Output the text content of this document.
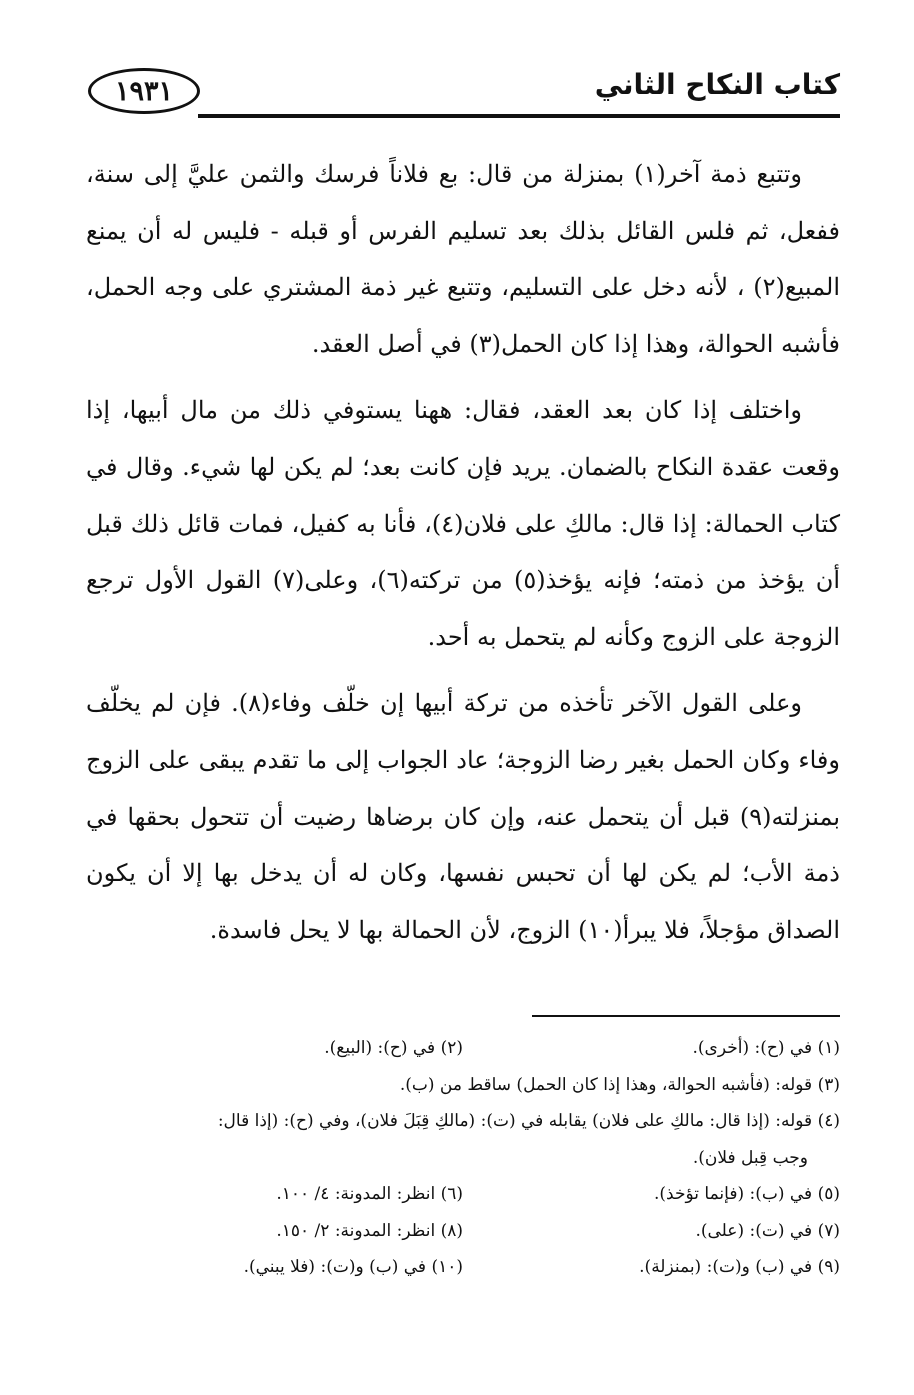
١٩٣١	كتاب النكاح الثاني

وتتبع ذمة آخر(١) بمنزلة من قال: بع فلاناً فرسك والثمن عليَّ إلى سنة، ففعل، ثم فلس القائل بذلك بعد تسليم الفرس أو قبله - فليس له أن يمنع المبيع(٢) ، لأنه دخل على التسليم، وتتبع غير ذمة المشتري على وجه الحمل، فأشبه الحوالة، وهذا إذا كان الحمل(٣) في أصل العقد.

واختلف إذا كان بعد العقد، فقال: ههنا يستوفي ذلك من مال أبيها، إذا وقعت عقدة النكاح بالضمان. يريد فإن كانت بعد؛ لم يكن لها شيء. وقال في كتاب الحمالة: إذا قال: مالكِ على فلان(٤)، فأنا به كفيل، فمات قائل ذلك قبل أن يؤخذ من ذمته؛ فإنه يؤخذ(٥) من تركته(٦)، وعلى(٧) القول الأول ترجع الزوجة على الزوج وكأنه لم يتحمل به أحد.

وعلى القول الآخر تأخذه من تركة أبيها إن خلّف وفاء(٨). فإن لم يخلّف وفاء وكان الحمل بغير رضا الزوجة؛ عاد الجواب إلى ما تقدم يبقى على الزوج بمنزلته(٩) قبل أن يتحمل عنه، وإن كان برضاها رضيت أن تتحول بحقها في ذمة الأب؛ لم يكن لها أن تحبس نفسها، وكان له أن يدخل بها إلا أن يكون الصداق مؤجلاً، فلا يبرأ(١٠) الزوج، لأن الحمالة بها لا يحل فاسدة.

(١) في (ح): (أخرى).
(٢) في (ح): (البيع).
(٣) قوله: (فأشبه الحوالة، وهذا إذا كان الحمل) ساقط من (ب).
(٤) قوله: (إذا قال: مالكِ على فلان) يقابله في (ت): (مالكِ قِبَلَ فلان)، وفي (ح): (إذا قال:
وجب قِبل فلان).
(٥) في (ب): (فإنما تؤخذ).
(٦) انظر: المدونة: ٤/ ١٠٠.
(٧) في (ت): (على).
(٨) انظر: المدونة: ٢/ ١٥٠.
(٩) في (ب) و(ت): (بمنزلة).
(١٠) في (ب) و(ت): (فلا يبني).
